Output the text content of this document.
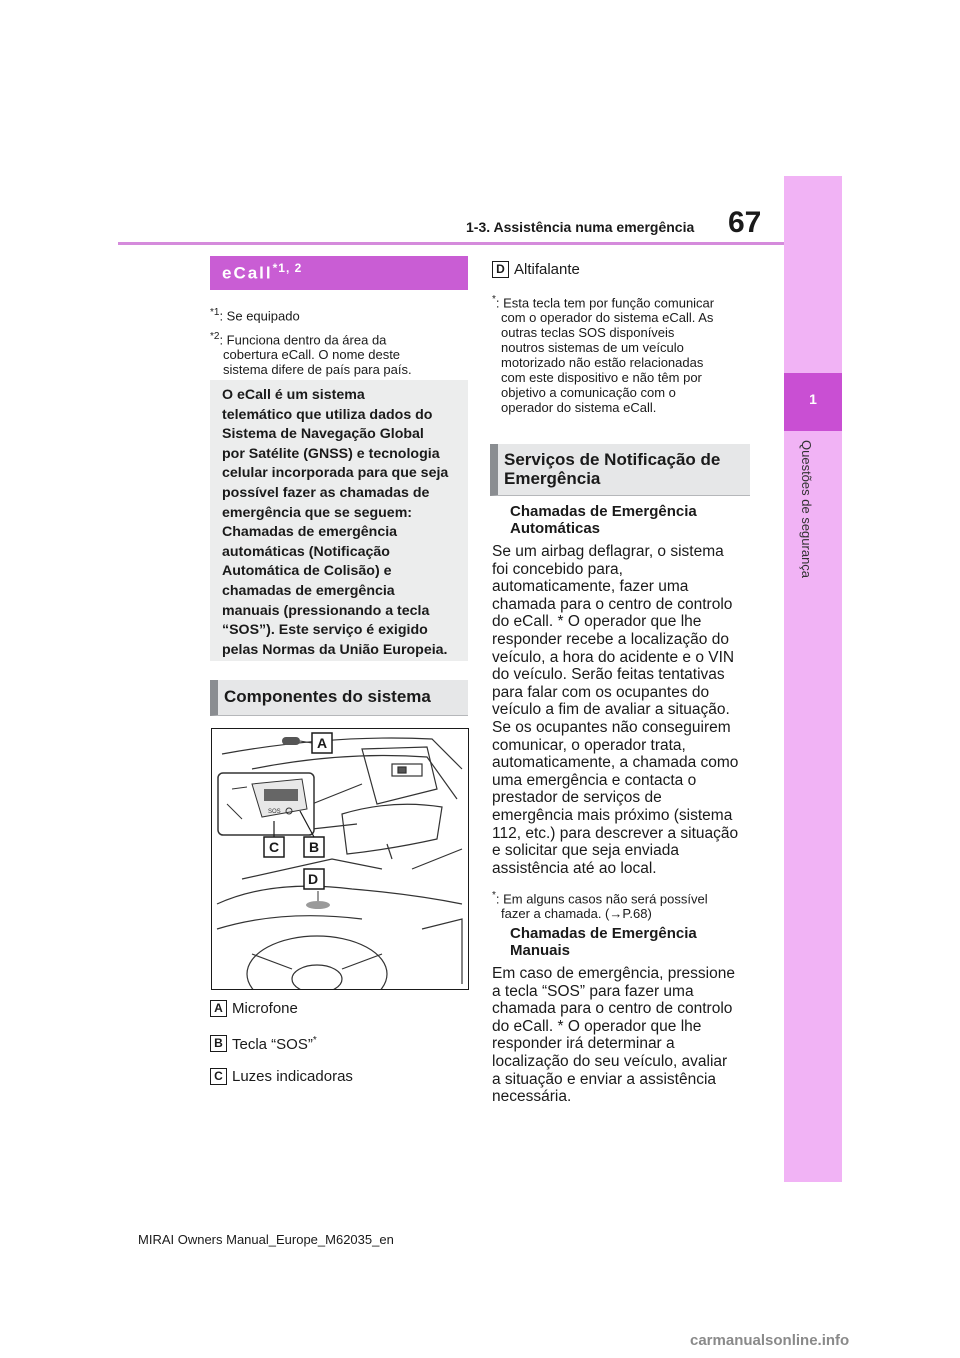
67
1-3. Assistência numa emergência
1
Questões de segurança
eCall$^{*1, 2}$
$^{*1}$: Se equipado
$^{*2}$: Funciona dentro da área da
cobertura eCall. O nome deste
sistema difere de país para país.
O eCall é um sistema
telemático que utiliza dados do
Sistema de Navegação Global
por Satélite (GNSS) e tecnologia
celular incorporada para que seja
possível fazer as chamadas de
emergência que se seguem:
Chamadas de emergência
automáticas (Notificação
Automática de Colisão) e
chamadas de emergência
manuais (pressionando a tecla
“SOS”). Este serviço é exigido
pelas Normas da União Europeia.
Componentes do sistema
SOS
A
B
C
D
A Microfone
B Tecla “SOS”*
C Luzes indicadoras
D Altifalante
*: Esta tecla tem por função comunicar
com o operador do sistema eCall. As
outras teclas SOS disponíveis
noutros sistemas de um veículo
motorizado não estão relacionadas
com este dispositivo e não têm por
objetivo a comunicação com o
operador do sistema eCall.
Serviços de Notificação de
Emergência
Chamadas de Emergência
Automáticas
Se um airbag deflagrar, o sistema
foi concebido para,
automaticamente, fazer uma
chamada para o centro de controlo
do eCall. * O operador que lhe
responder recebe a localização do
veículo, a hora do acidente e o VIN
do veículo. Serão feitas tentativas
para falar com os ocupantes do
veículo a fim de avaliar a situação.
Se os ocupantes não conseguirem
comunicar, o operador trata,
automaticamente, a chamada como
uma emergência e contacta o
prestador de serviços de
emergência mais próximo (sistema
112, etc.) para descrever a situação
e solicitar que seja enviada
assistência até ao local.
*: Em alguns casos não será possível
fazer a chamada. (→P.68)
Chamadas de Emergência
Manuais
Em caso de emergência, pressione
a tecla “SOS” para fazer uma
chamada para o centro de controlo
do eCall. * O operador que lhe
responder irá determinar a
localização do seu veículo, avaliar
a situação e enviar a assistência
necessária.
MIRAI Owners Manual_Europe_M62035_en
carmanualsonline.info
